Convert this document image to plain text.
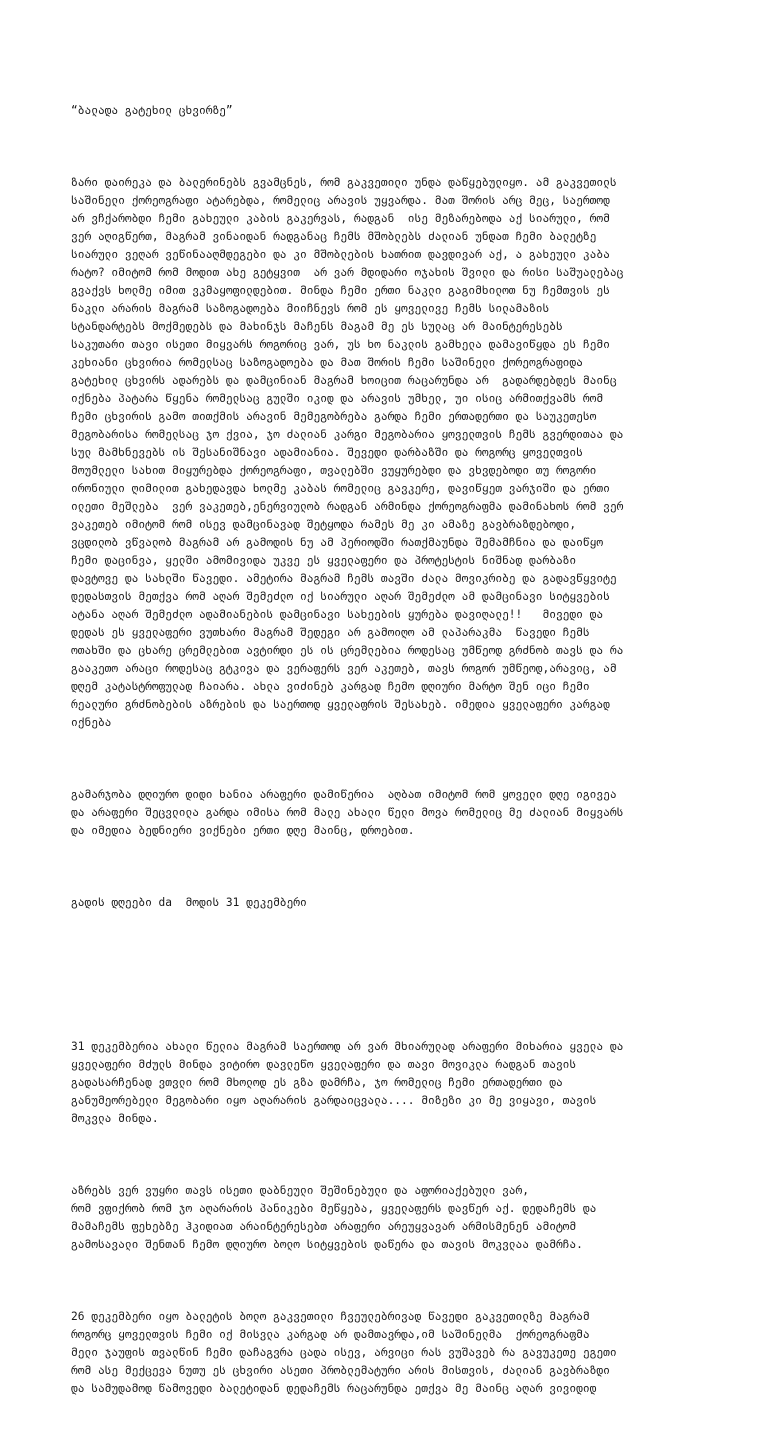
“ბალადა გატეხილ ცხვირზე”

ზარი დაირეკა და ბალერინებს გვამცნეს, რომ გაკვეთილი უნდა დაწყებულიყო. ამ გაკვეთილს
საშინელი ქორეოგრაფი ატარებდა, რომელიც არავის უყვარდა. მათ შორის არც მეც, საერთოდ
არ ვჩქარობდი ჩემი გახეული კაბის გაკერვას, რადგან  ისე მეზარებოდა აქ სიარული, რომ
ვერ აღიგწერთ, მაგრამ ვინაიდან რადგანაც ჩემს მშობლებს ძალიან უნდათ ჩემი ბალეტზე
სიარული ვეღარ ვეწინააღმდეგები და კი მშობლების ხათრით დავდივარ აქ, ა გახეული კაბა
რატო? იმიტომ რომ მოდით ახე გეტყვით  არ ვარ მდიდარი ოჯახის შვილი და რისი საშუალებაც
გვაქვს ხოლმე იმით ვკმაყოფილდებით. მინდა ჩემი ერთი ნაკლი გაგიმხილოთ ნუ ჩემთვის ეს
ნაკლი არარის მაგრამ საზოგადოება მიიჩნევს რომ ეს ყოველივე ჩემს სილამაზის
სტანდარტებს მოქმედებს და მახინჯს მაჩენს მაგამ მე ეს სულაც არ მაინტერესებს
საკუთარი თავი ისეთი მიყვარს როგორიც ვარ, უს ხო ნაკლის გამხელა დამავიწყდა ეს ჩემი
კეხიანი ცხვირია რომელსაც საზოგადოება და მათ შორის ჩემი საშინელი ქორეოგრაფიდა
გატეხილ ცხვირს ადარებს და დამცინიან მაგრამ ხოიცით რაცარუნდა არ  გადარდებდეს მაინც
იქნება პატარა წყენა რომელსაც გულში იკიდ და არავის უმხელ, უი ისიც არმითქვამს რომ
ჩემი ცხვირის გამო თითქმის არავინ მემეგობრება გარდა ჩემი ერთადერთი და საუკეთესო
მეგობარისა რომელსაც ჯო ქვია, ჯო ძალიან კარგი მეგობარია ყოველთვის ჩემს გვერდითაა და
სულ მამხნევებს ის შესანიშნავი ადამიანია. შევედი დარბაზში და როგორც ყოველთვის
მოუმლელი სახით მიყურებდა ქორეოგრაფი, თვალებში ვუყურებდი და ვხვდებოდი თუ როგორი
ირონიული ღიმილით გახედავდა ხოლმე კაბას რომელიც გავკერე, დავიწყეთ ვარჯიში და ერთი
ილეთი მეშლება  ვერ ვაკეთებ,ენერვიულობ რადგან არმინდა ქორეოგრაფმა დამინახოს რომ ვერ
ვაკეთებ იმიტომ რომ ისევ დამცინავად შეტყოდა რამეს მე კი ამაზე გავბრაზდებოდი,
ვცდილობ ვწვალობ მაგრამ არ გამოდის ნუ ამ პერიოდში რათქმაუნდა შემამჩნია და დაიწყო
ჩემი დაცინვა, ყელში ამომივიდა უკვე ეს ყველაფერი და პროტესტის ნიშნად დარბაზი
დავტოვე და სახლში წავედი. ამეტირა მაგრამ ჩემს თავში ძალა მოვიკრიბე და გადავწყვიტე
დედასთვის მეთქვა რომ აღარ შემეძლო იქ სიარული აღარ შემეძლო ამ დამცინავი სიტყვების
ატანა აღარ შემეძლო ადამიანების დამცინავი სახეების ყურება დავიღალე!!   მივედი და
დედას ეს ყველაფერი ვუთხარი მაგრამ შედეგი არ გამოიღო ამ ლაპარაკმა  წავედი ჩემს
ოთახში და ცხარე ცრემლებით ავტირდი ეს ის ცრემლებია როდესაც უმწეოდ გრძნობ თავს და რა
გააკეთო არაცი როდესაც გტკივა და ვერაფერს ვერ აკეთებ, თავს როგორ უმწეოდ,არავიც, ამ
დღემ კატასტროფულად ჩაიარა. ახლა ვიძინებ კარგად ჩემო დღიური მარტო შენ იცი ჩემი
რეალური გრძნობების აზრების და საერთოდ ყველაფრის შესახებ. იმედია ყველაფერი კარგად
იქნება

გამარჯობა დღიურო დიდი ხანია არაფერი დამიწერია  აღბათ იმიტომ რომ ყოველი დღე იგივეა
და არაფერი შეცვლილა გარდა იმისა რომ მალე ახალი წელი მოვა რომელიც მე ძალიან მიყვარს
და იმედია ბედნიერი ვიქნები ერთი დღე მაინც, დროებით.

გადის დღეები da  მოდის 31 დეკემბერი

31 დეკემბერია ახალი წელია მაგრამ საერთოდ არ ვარ მხიარულად არაფერი მიხარია ყველა და
ყველაფერი მძულს მინდა ვიტირო დავლეწო ყველაფერი და თავი მოვიკლა რადგან თავის
გადასარჩენად ვთვლი რომ მხოლოდ ეს გზა დამრჩა, ჯო რომელიც ჩემი ერთადერთი და
განუმეორებელი მეგობარი იყო აღარარის გარდაიცვალა.... მიზეზი კი მე ვიყავი, თავის
მოკვლა მინდა.

აზრებს ვერ ვუყრი თავს ისეთი დაბნეული შეშინებული და აფორიაქებული ვარ,
რომ ვფიქრობ რომ ჯო აღარარის პანიკები მეწყება, ყველაფერს დავწერ აქ. დედაჩემს და
მამაჩემს ფეხებზე ჰკიდიათ არაინტერესებთ არაფერი არეუყვავარ არმისმენენ ამიტომ
გამოსავალი შენთან ჩემო დღიურო ბოლო სიტყვების დაწერა და თავის მოკვლაა დამრჩა.

26 დეკემბერი იყო ბალეტის ბოლო გაკვეთილი ჩვეულებრივად წავედი გაკვეთილზე მაგრამ
როგორც ყოველთვის ჩემი იქ მისვლა კარგად არ დამთავრდა,იმ საშინელმა  ქორეოგრაფმა
მელი ჯაუფის თვალწინ ჩემი დაჩაგვრა ცადა ისევ, არვიცი რას ვუშავებ რა გავუკეთე ეგეთი
რომ ასე მექცევა ნუთუ ეს ცხვირი ასეთი პრობლემატური არის მისთვის, ძალიან გავბრაზდი
და სამუდამოდ წამოვედი ბალეტიდან დედაჩემს რაცარუნდა ეთქვა მე მაინც აღარ ვივიდიდ
